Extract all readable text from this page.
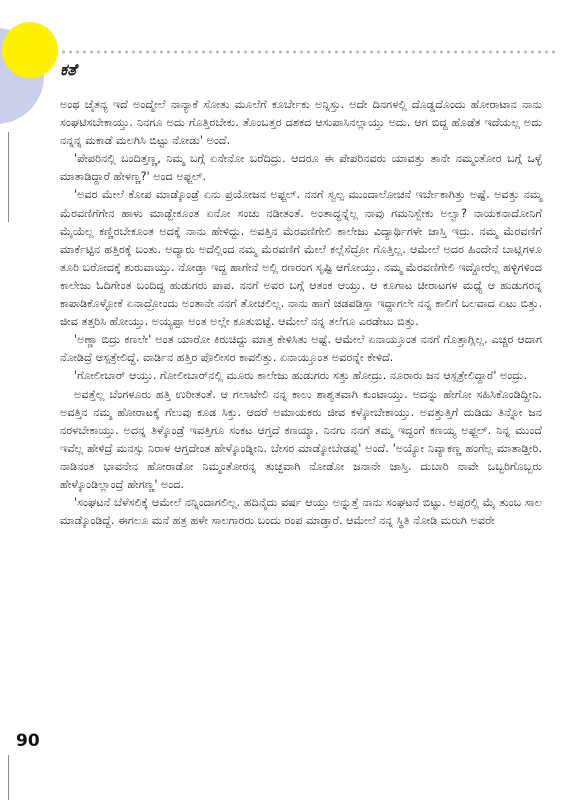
ಕತೆ

ಅಂಥ ಚೈತನ್ಯ ಇದೆ ಅಂದ್ಮೇಲೆ ನಾನ್ಯಾಕೆ ಸೋತು ಮೂಲೆಗೆ ಕೂರ್ಬೇಕು ಅನ್ನಿಸ್ತು. ಅದೇ ದಿನಗಳಲ್ಲಿ ದೊಡ್ಡದೊಂದು ಹೋರಾಟಾನ ನಾನು ಸಂಘಟಿಸಬೇಕಾಯ್ತು. ನಿನಗೂ ಅದು ಗೊತ್ತಿರಬೇಕು. ತೊಂಬತ್ತರ ದಶಕದ ಆಸುಪಾಸಿನಲ್ಲಾಯ್ತು ಅದು. ಆಗ ಬಿದ್ದ ಹೊಡೆತ ಇದೆಯಲ್ಲ ಅದು ನನ್ನನ್ನ ಮಕಾಡೆ ಮಲಗಿಸಿ ಬಿಟ್ಟು ನೋಡು' ಅಂದೆ.

'ಪೇಪರಿನಲ್ಲಿ ಬಂದಿತ್ತಣ್ಣ, ನಿಮ್ಮ ಬಗ್ಗೆ ಏನೇನೋ ಬರೆದಿದ್ರು. ಆದರೂ ಈ ಪೇಪರಿನವರು ಯಾವತ್ತು ತಾನೇ ನಮ್ಮಂತೋರ ಬಗ್ಗೆ ಒಳ್ಳೆ ಮಾತಾಡಿದ್ದಾರೆ ಹೇಳಣ್ಣ?' ಅಂದ ಅಫ್ಜಲ್.

'ಅವರ ಮೇಲೆ ಕೋಪ ಮಾಡ್ಕೊಂಡ್ರೆ ಏನು ಪ್ರಯೋಜನ ಅಫ್ಜಲ್. ನನಗೆ ಸ್ವಲ್ಪ ಮುಂದಾಲೋಚನೆ ಇರ್ಬೇಕಾಗಿತ್ತು ಅಷ್ಟೆ. ಅವತ್ತು ನಮ್ಮ ಮೆರವಣಿಗೆಗೇನ ಹಾಳು ಮಾಡ್ಬೇಕೂಂತ ಏನೋ ಸಂಚು ನಡೀತಂತೆ. ಅಂತಾದ್ದನ್ನೆಲ್ಲ ನಾವು ಗಮನಿಸ್ಬೇಕು ಅಲ್ವಾ? ನಾಯಕನಾದೋನಿಗೆ ಮೈಯೆಲ್ಲ ಕಣ್ಣಿರಬೇಕೂಂತ ಅದಕ್ಕೆ ನಾನು ಹೇಳಿದ್ದು. ಅವತ್ತಿನ ಮೆರವಣಿಗೇಲಿ ಕಾಲೇಜು ವಿದ್ಯಾರ್ಥಿಗಳೇ ಜಾಸ್ತಿ ಇದ್ರು. ನಮ್ಮ ಮೆರವಣಿಗೆ ಮಾರ್ಕೆಟ್ಟಿನ ಹತ್ತಿರಕ್ಕೆ ಬಂತು. ಅದ್ಯಾರು ಅದೆಲ್ಲಿಂದ ನಮ್ಮ ಮೆರವಣಿಗೆ ಮೇಲೆ ಕಲ್ಲೆಸೆದ್ರೋ ಗೊತ್ತಿಲ್ಲ. ಆಮೇಲೆ ಅದರ ಹಿಂದೇನೆ ಬಾಟ್ಲಿಗಳೂ ತೂರಿ ಬರೋದಕ್ಕೆ ಶುರುವಾಯ್ತು. ನೋಡ್ತಾ ಇದ್ದ ಹಾಗೇನೆ ಅಲ್ಲಿ ರಣರಂಗ ಸೃಷ್ಟಿ ಆಗೋಯ್ತು. ನಮ್ಮ ಮೆರವಣಿಗೇಲಿ ಇದ್ದೋರೆಲ್ಲ ಹಳ್ಳಿಗಳಿಂದ ಕಾಲೇಜು ಓದಿಗೇಂತ ಬಂದಿದ್ದ ಹುಡುಗರು ಪಾಪ. ನನಗೆ ಅವರ ಬಗ್ಗೆ ಆತಂಕ ಆಯ್ತು. ಆ ಕೂಗಾಟ ಚೀರಾಟಗಳ ಮಧ್ಯೆ ಆ ಹುಡುಗರನ್ನ ಕಾಪಾಡಿಕೊಳ್ಳೋಕೆ ಏನಾದ್ರೋಂದು ಅಂತಾನೇ ನನಗೆ ತೋಚಲಿಲ್ಲ. ನಾನು ಹಾಗೆ ಚಡಪಡಿಸ್ತಾ ಇದ್ದಾಗಲೇ ನನ್ನ ಕಾಲಿಗೆ ಬಲವಾದ ಏಟು ಬಿತ್ತು. ಜೀವ ತತ್ತರಿಸಿ ಹೋಯ್ತು. ಅಯ್ಯಪ್ಪಾ ಅಂತ ಅಲ್ಲೇ ಕೂತುಬಿಟ್ಟೆ. ಆಮೇಲೆ ನನ್ನ ತಲೆಗೂ ಎರಡೇಟು ಬಿತ್ತು.

'ಅಣ್ಣಾ ಬಿದ್ರು ಕಣಲೇ' ಅಂತ ಯಾರೋ ಕಿರುಚಿದ್ದು ಮಾತ್ರ ಕೇಳಿಸಿತು ಅಷ್ಟೆ. ಆಮೇಲೆ ಏನಾಯ್ತೂಂತ ನನಗೆ ಗೊತ್ತಾಗ್ಲಿಲ್ಲ. ಎಚ್ಚರ ಆದಾಗ ನೋಡಿದ್ರೆ ಆಸ್ಪತ್ರೇಲಿದ್ದೆ. ವಾರ್ಡಿನ ಹತ್ತಿರ ಪೊಲೀಸರ ಕಾವಲಿತ್ತು. ಏನಾಯ್ತೂಂತ ಅವರನ್ನೇ ಕೇಳಿದೆ.

'ಗೋಲೀಬಾರ್ ಆಯ್ತು. ಗೋಲೀಬಾರ್‌ನಲ್ಲಿ ಮೂರು ಕಾಲೇಜು ಹುಡುಗರು ಸತ್ತು ಹೋದ್ರು. ನೂರಾರು ಜನ ಆಸ್ಪತ್ರೇಲಿದ್ದಾರೆ' ಅಂದ್ರು.

ಅವತ್ತೆಲ್ಲ ಬೆಂಗಳೂರು ಹತ್ತಿ ಉರೀತಂತೆ. ಆ ಗಲಾಟೇಲಿ ನನ್ನ ಕಾಲು ಶಾಶ್ವತವಾಗಿ ಕುಂಟಾಯ್ತು. ಅದನ್ನು ಹೇಗೋ ಸಹಿಸಿಕೊಂಡಿದ್ದೀನಿ. ಅವತ್ತಿನ ನಮ್ಮ ಹೋರಾಟಕ್ಕೆ ಗೆಲುವು ಕೂಡ ಸಿಕ್ತು. ಆದರೆ ಅಮಾಯಕರು ಜೀವ ಕಳ್ಕೋಬೇಕಾಯ್ತು. ಅವತ್ತುತ್ತಿಗೆ ದುಡಿದು ತಿನ್ನೋ ಜನ ನರಳಬೇಕಾಯ್ತು. ಅದನ್ನ ತಿಳ್ಕೊಂಡ್ರೆ ಇವತ್ತಿಗೂ ಸಂಕಟ ಆಗ್ತದೆ ಕಣಯ್ಯಾ. ನಿನಗು ನನಗೆ ತಮ್ಮ ಇದ್ದಂಗೆ ಕಣಯ್ಯ ಅಫ್ಜಲ್. ನಿನ್ನ ಮುಂದೆ ಇವೆಲ್ಲ ಹೇಳಿದ್ರೆ ಮನಸ್ಸು ನಿರಾಳ ಆಗ್ತದೇಂತ ಹೇಳ್ಕೊಂಡ್ನೀನಿ. ಬೇಸರ ಮಾಡ್ಕೋಬೇಡಪ್ಪ' ಅಂದೆ. 'ಅಯ್ಯೋ ನಿವ್ಯಾಕಣ್ಣ ಹಂಗೆಲ್ಲ ಮಾತಾಡ್ತೀರಿ. ನಾಡಿನಂತ ಭಾವನೇನ ಹೋರಾಡೋ ನಿಮ್ಮಂತೋರನ್ನ ತುಚ್ಛವಾಗಿ ನೋಡೋ ಜನಾನೇ ಜಾಸ್ತಿ. ದುಬಾರಿ ನಾವೇ ಒಬ್ಬರಿಗೊಬ್ಬರು ಹೇಳ್ಕೊಂಡಿಲ್ಲಾಂದ್ರೆ ಹೇಗಣ್ಣ' ಅಂದ.

'ಸಂಘಟನೆ ಬೆಳೆಸಲಿಕ್ಕೆ ಆಮೇಲೆ ನನ್ನಿಂದಾಗಲಿಲ್ಲ. ಹದಿನೈದು ವರ್ಷ ಆಯ್ತು ಅನ್ನುತ್ತೆ ನಾನು ಸಂಘಟನೆ ಬಿಟ್ಟು. ಅಪ್ಪರಲ್ಲಿ ಮೈ ತುಂಬ ಸಾಲ ಮಾಡ್ಕೊಂಡಿದ್ದೆ. ಈಗಲೂ ಮನೆ ಹತ್ರ ಹಳೇ ಸಾಲಗಾರರು ಬಂದು ರಂಪ ಮಾಡ್ತಾರೆ. ಆಮೇಲೆ ನನ್ನ ಸ್ಥಿತಿ ನೋಡಿ ಮರುಗಿ ಅವರೇ

90
